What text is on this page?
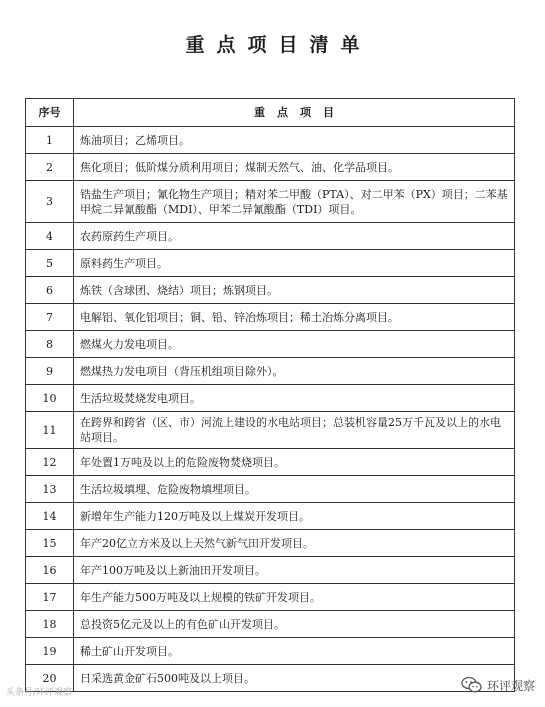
重点项目清单
序号	重点项目
1	炼油项目；乙烯项目。
2	焦化项目；低阶煤分质利用项目；煤制天然气、油、化学品项目。
3	锆盐生产项目；氰化物生产项目；精对苯二甲酸（PTA）、对二甲苯（PX）项目；二苯基甲烷二异氰酸酯（MDI）、甲苯二异氰酸酯（TDI）项目。
4	农药原药生产项目。
5	原料药生产项目。
6	炼铁（含球团、烧结）项目；炼钢项目。
7	电解铝、氧化铝项目；铜、铅、锌冶炼项目；稀土冶炼分离项目。
8	燃煤火力发电项目。
9	燃煤热力发电项目（背压机组项目除外）。
10	生活垃圾焚烧发电项目。
11	在跨界和跨省（区、市）河流上建设的水电站项目；总装机容量25万千瓦及以上的水电站项目。
12	年处置1万吨及以上的危险废物焚烧项目。
13	生活垃圾填埋、危险废物填埋项目。
14	新增年生产能力120万吨及以上煤炭开发项目。
15	年产20亿立方米及以上天然气新气田开发项目。
16	年产100万吨及以上新油田开发项目。
17	年生产能力500万吨及以上规模的铁矿开发项目。
18	总投资5亿元及以上的有色矿山开发项目。
19	稀土矿山开发项目。
20	日采选黄金矿石500吨及以上项目。
头条号/环评观察
环评观察
